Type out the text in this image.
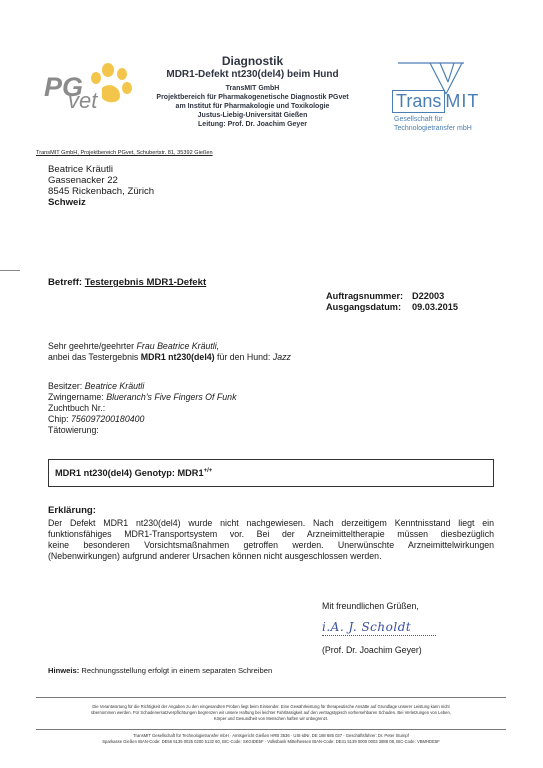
PG
vet
Diagnostik
MDR1-Defekt nt230(del4) beim Hund
TransMIT GmbH
Projektbereich für Pharmakogenetische Diagnostik PGvet
am Institut für Pharmakologie und Toxikologie
Justus-Liebig-Universität Gießen
Leitung: Prof. Dr. Joachim Geyer
Trans MIT
Gesellschaft für
Technologietransfer mbH
TransMIT GmbH, Projektbereich PGvet, Schubertstr. 81, 35392 Gießen
Beatrice Kräutli
Gassenacker 22
8545 Rickenbach, Zürich
Schweiz
Betreff: Testergebnis MDR1-Defekt
Auftragsnummer: D22003
Ausgangsdatum: 09.03.2015
Sehr geehrte/geehrter Frau Beatrice Kräutli,
anbei das Testergebnis MDR1 nt230(del4) für den Hund: Jazz
Besitzer: Beatrice Kräutli
Zwingername: Blueranch's Five Fingers Of Funk
Zuchtbuch Nr.:
Chip: 756097200180400
Tätowierung:
MDR1 nt230(del4) Genotyp: MDR1+/+
Erklärung:
Der Defekt MDR1 nt230(del4) wurde nicht nachgewiesen. Nach derzeitigem Kenntnisstand liegt ein
funktionsfähiges MDR1-Transportsystem vor. Bei der Arzneimitteltherapie müssen diesbezüglich
keine besonderen Vorsichtsmaßnahmen getroffen werden. Unerwünschte Arzneimittelwirkungen
(Nebenwirkungen) aufgrund anderer Ursachen können nicht ausgeschlossen werden.
Mit freundlichen Grüßen,
i.A. J. Scholdt
(Prof. Dr. Joachim Geyer)
Hinweis: Rechnungsstellung erfolgt in einem separaten Schreiben
Die Verantwortung für die Richtigkeit der Angaben zu den eingesandten Proben liegt beim Einsender. Eine Gewährleistung für therapeutische Ansätte auf Grundlage unserer Leistung kann nicht
übernommen werden. Für Schadenersatzverpflichtungen begrenzen wir unsere Haftung bei leichter Fahrlässigkeit auf den vertragstypisch vorhersehbaren Schaden. Bei Verletzungen von Leben,
Körper und Gesundheit von Menschen haften wir unbegrenzt.
TransMIT Gesellschaft für Technologietransfer mbH · Amtsgericht Gießen HRB 3536 · USt-IdNr. DE 188 685 037 · Geschäftsführer: Dr. Peter Stumpf
Sparkasse Gießen IBAN-Code: DE56 5135 0025 0200 5132 60, BIC-Code: SKGIDE5F · Volksbank Mittelhessen IBAN-Code: DE41 5139 0000 0003 3888 08, BIC-Code: VBMHDE5F
